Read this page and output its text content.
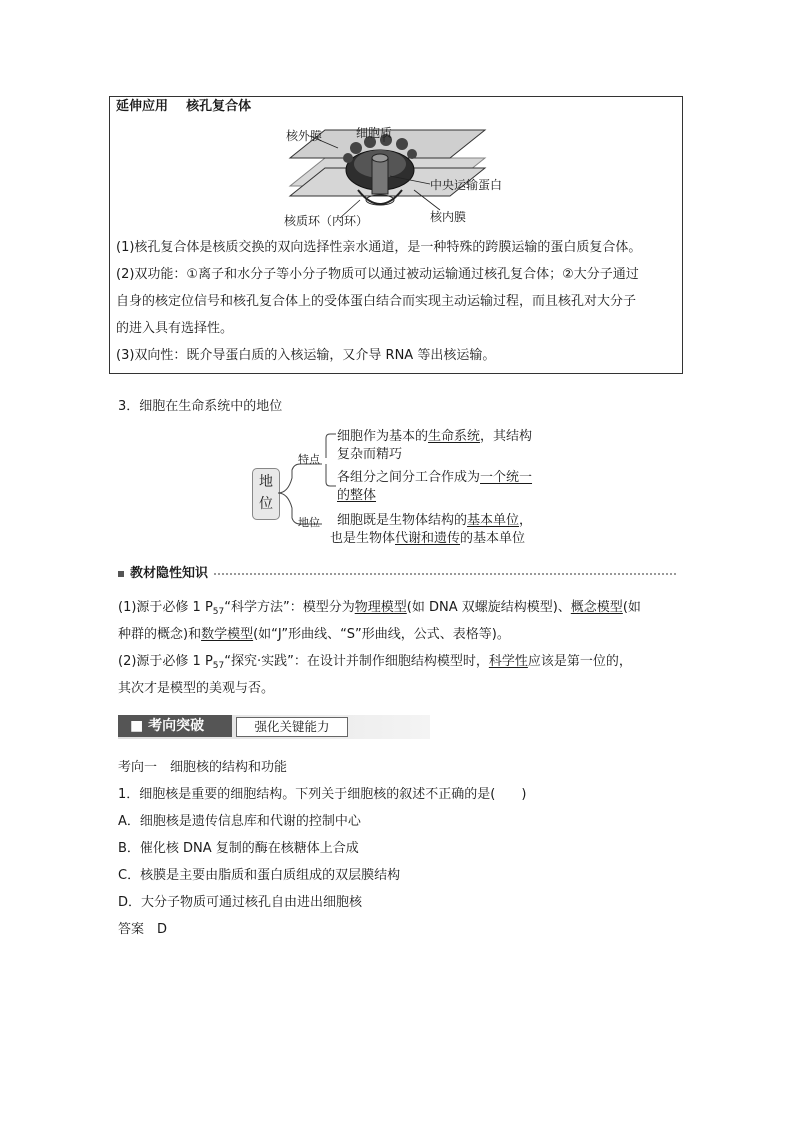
延伸应用 核孔复合体
核外膜	细胞质
中央运输蛋白
核质环（内环）	核内膜
(1)核孔复合体是核质交换的双向选择性亲水通道，是一种特殊的跨膜运输的蛋白质复合体。
(2)双功能：①离子和水分子等小分子物质可以通过被动运输通过核孔复合体；②大分子通过
自身的核定位信号和核孔复合体上的受体蛋白结合而实现主动运输过程，而且核孔对大分子
的进入具有选择性。
(3)双向性：既介导蛋白质的入核运输，又介导 RNA 等出核运输。
3．细胞在生命系统中的地位
地位
特点
地位
细胞作为基本的生命系统，其结构
复杂而精巧
各组分之间分工合作成为一个统一
的整体
细胞既是生物体结构的基本单位，
也是生物体代谢和遗传的基本单位
教材隐性知识
(1)源于必修 1 $P_{57}“$科学方法”：模型分为物理模型(如 DNA 双螺旋结构模型)、概念模型(如
种群的概念)和数学模型(如“J”形曲线、“S”形曲线，公式、表格等)。
(2)源于必修 1 $P_{57}“$探究·实践”：在设计并制作细胞结构模型时，科学性应该是第一位的，
其次才是模型的美观与否。
■ 考向突破	强化关键能力
考向一　细胞核的结构和功能
1．细胞核是重要的细胞结构。下列关于细胞核的叙述不正确的是(　　)
A．细胞核是遗传信息库和代谢的控制中心
B．催化核 DNA 复制的酶在核糖体上合成
C．核膜是主要由脂质和蛋白质组成的双层膜结构
D．大分子物质可通过核孔自由进出细胞核
答案　D
